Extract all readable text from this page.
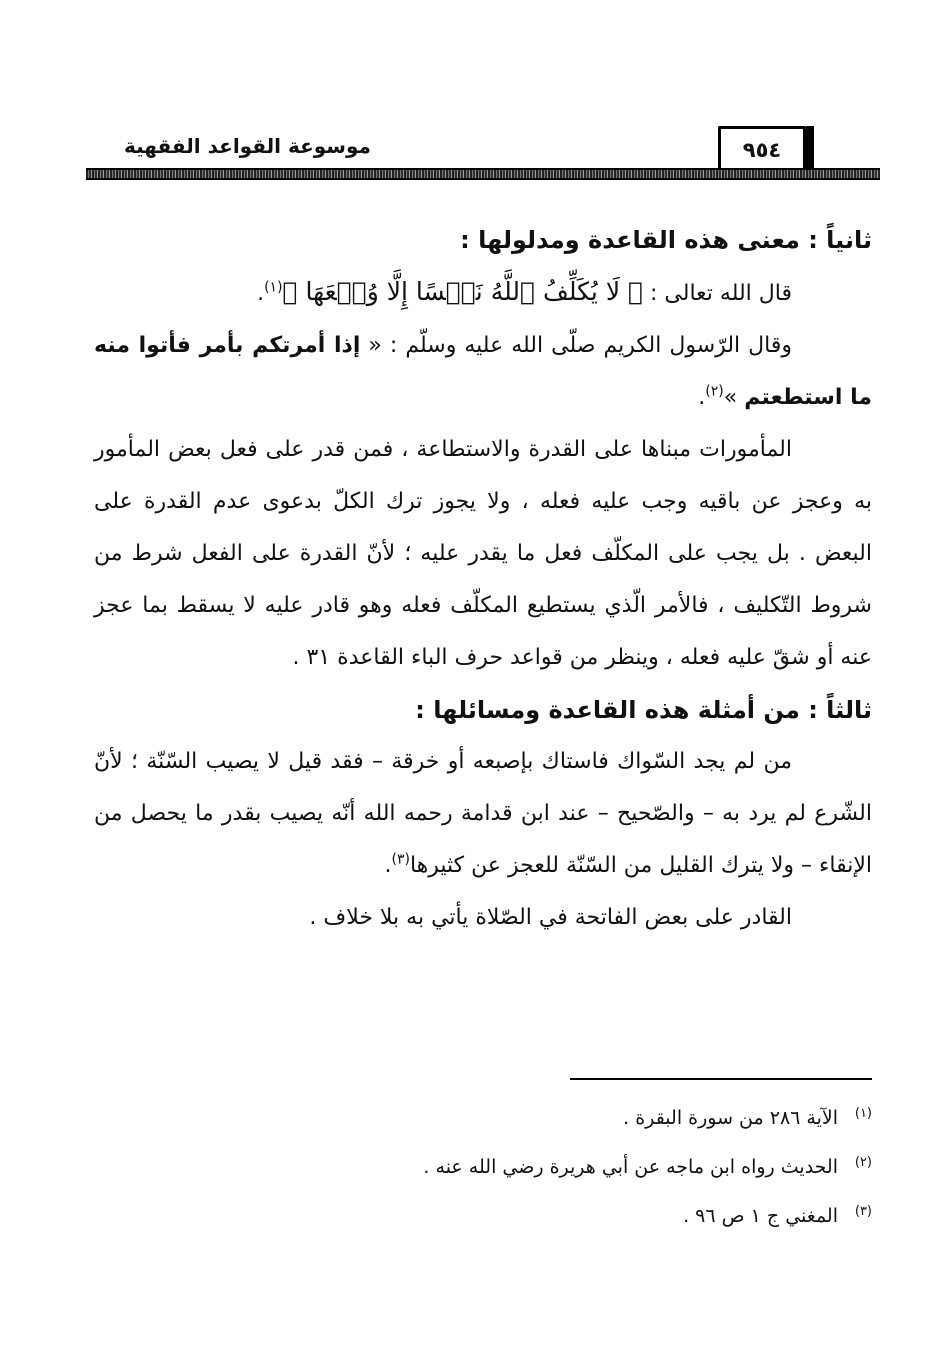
موسوعة القواعد الفقهية	٩٥٤

ثانياً : معنى هذه القاعدة ومدلولها :

قال الله تعالى : ﴿ لَا يُكَلِّفُ ٱللَّهُ نَفۡسًا إِلَّا وُسۡعَهَا ﴾$^{(١)}$.

وقال الرّسول الكريم صلّى الله عليه وسلّم : « إذا أمرتكم بأمر فأتوا منه ما استطعتم »$^{(٢)}$.

المأمورات مبناها على القدرة والاستطاعة ، فمن قدر على فعل بعض المأمور به وعجز عن باقيه وجب عليه فعله ، ولا يجوز ترك الكلّ بدعوى عدم القدرة على البعض . بل يجب على المكلّف فعل ما يقدر عليه ؛ لأنّ القدرة على الفعل شرط من شروط التّكليف ، فالأمر الّذي يستطيع المكلّف فعله وهو قادر عليه لا يسقط بما عجز عنه أو شقّ عليه فعله ، وينظر من قواعد حرف الباء القاعدة ٣١ .

ثالثاً : من أمثلة هذه القاعدة ومسائلها :

من لم يجد السّواك فاستاك بإصبعه أو خرقة – فقد قيل لا يصيب السّنّة ؛ لأنّ الشّرع لم يرد به – والصّحيح – عند ابن قدامة رحمه الله أنّه يصيب بقدر ما يحصل من الإنقاء – ولا يترك القليل من السّنّة للعجز عن كثيرها$^{(٣)}$.

القادر على بعض الفاتحة في الصّلاة يأتي به بلا خلاف .

(١)الآية ٢٨٦ من سورة البقرة .
(٢)الحديث رواه ابن ماجه عن أبي هريرة رضي الله عنه .
(٣)المغني ج ١ ص ٩٦ .
